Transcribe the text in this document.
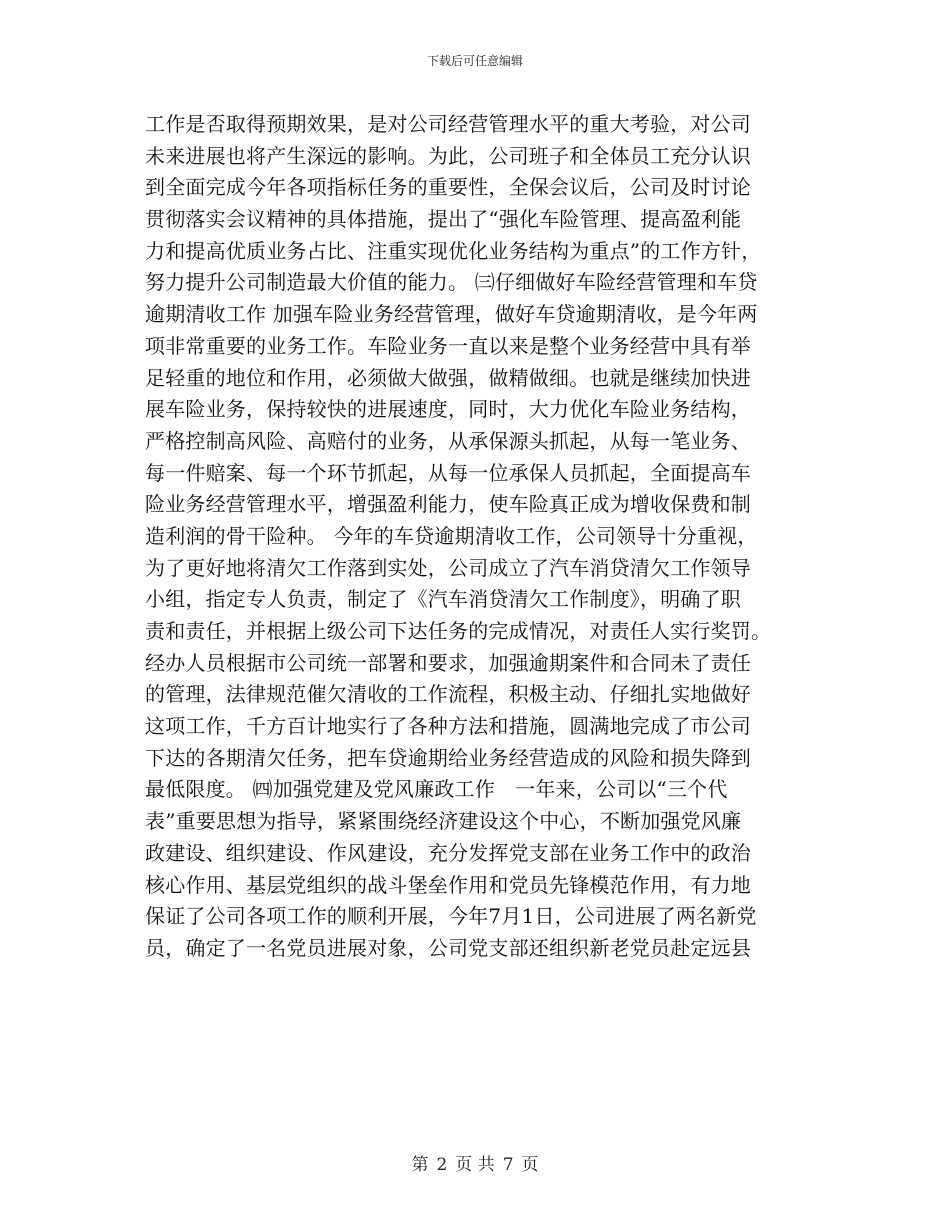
下载后可任意编辑
工作是否取得预期效果，是对公司经营管理水平的重大考验，对公司
未来进展也将产生深远的影响。为此，公司班子和全体员工充分认识
到全面完成今年各项指标任务的重要性，全保会议后，公司及时讨论
贯彻落实会议精神的具体措施，提出了“强化车险管理、提高盈利能
力和提高优质业务占比、注重实现优化业务结构为重点”的工作方针，
努力提升公司制造最大价值的能力。 ㈢仔细做好车险经营管理和车贷
逾期清收工作 加强车险业务经营管理，做好车贷逾期清收，是今年两
项非常重要的业务工作。车险业务一直以来是整个业务经营中具有举
足轻重的地位和作用，必须做大做强，做精做细。也就是继续加快进
展车险业务，保持较快的进展速度，同时，大力优化车险业务结构，
严格控制高风险、高赔付的业务，从承保源头抓起，从每一笔业务、
每一件赔案、每一个环节抓起，从每一位承保人员抓起，全面提高车
险业务经营管理水平，增强盈利能力，使车险真正成为增收保费和制
造利润的骨干险种。 今年的车贷逾期清收工作，公司领导十分重视，
为了更好地将清欠工作落到实处，公司成立了汽车消贷清欠工作领导
小组，指定专人负责，制定了《汽车消贷清欠工作制度》，明确了职
责和责任，并根据上级公司下达任务的完成情况，对责任人实行奖罚。
经办人员根据市公司统一部署和要求，加强逾期案件和合同未了责任
的管理，法律规范催欠清收的工作流程，积极主动、仔细扎实地做好
这项工作，千方百计地实行了各种方法和措施，圆满地完成了市公司
下达的各期清欠任务，把车贷逾期给业务经营造成的风险和损失降到
最低限度。 ㈣加强党建及党风廉政工作　一年来，公司以“三个代
表”重要思想为指导，紧紧围绕经济建设这个中心，不断加强党风廉
政建设、组织建设、作风建设，充分发挥党支部在业务工作中的政治
核心作用、基层党组织的战斗堡垒作用和党员先锋模范作用，有力地
保证了公司各项工作的顺利开展，今年7月1日，公司进展了两名新党
员，确定了一名党员进展对象，公司党支部还组织新老党员赴定远县
第 2 页 共 7 页
